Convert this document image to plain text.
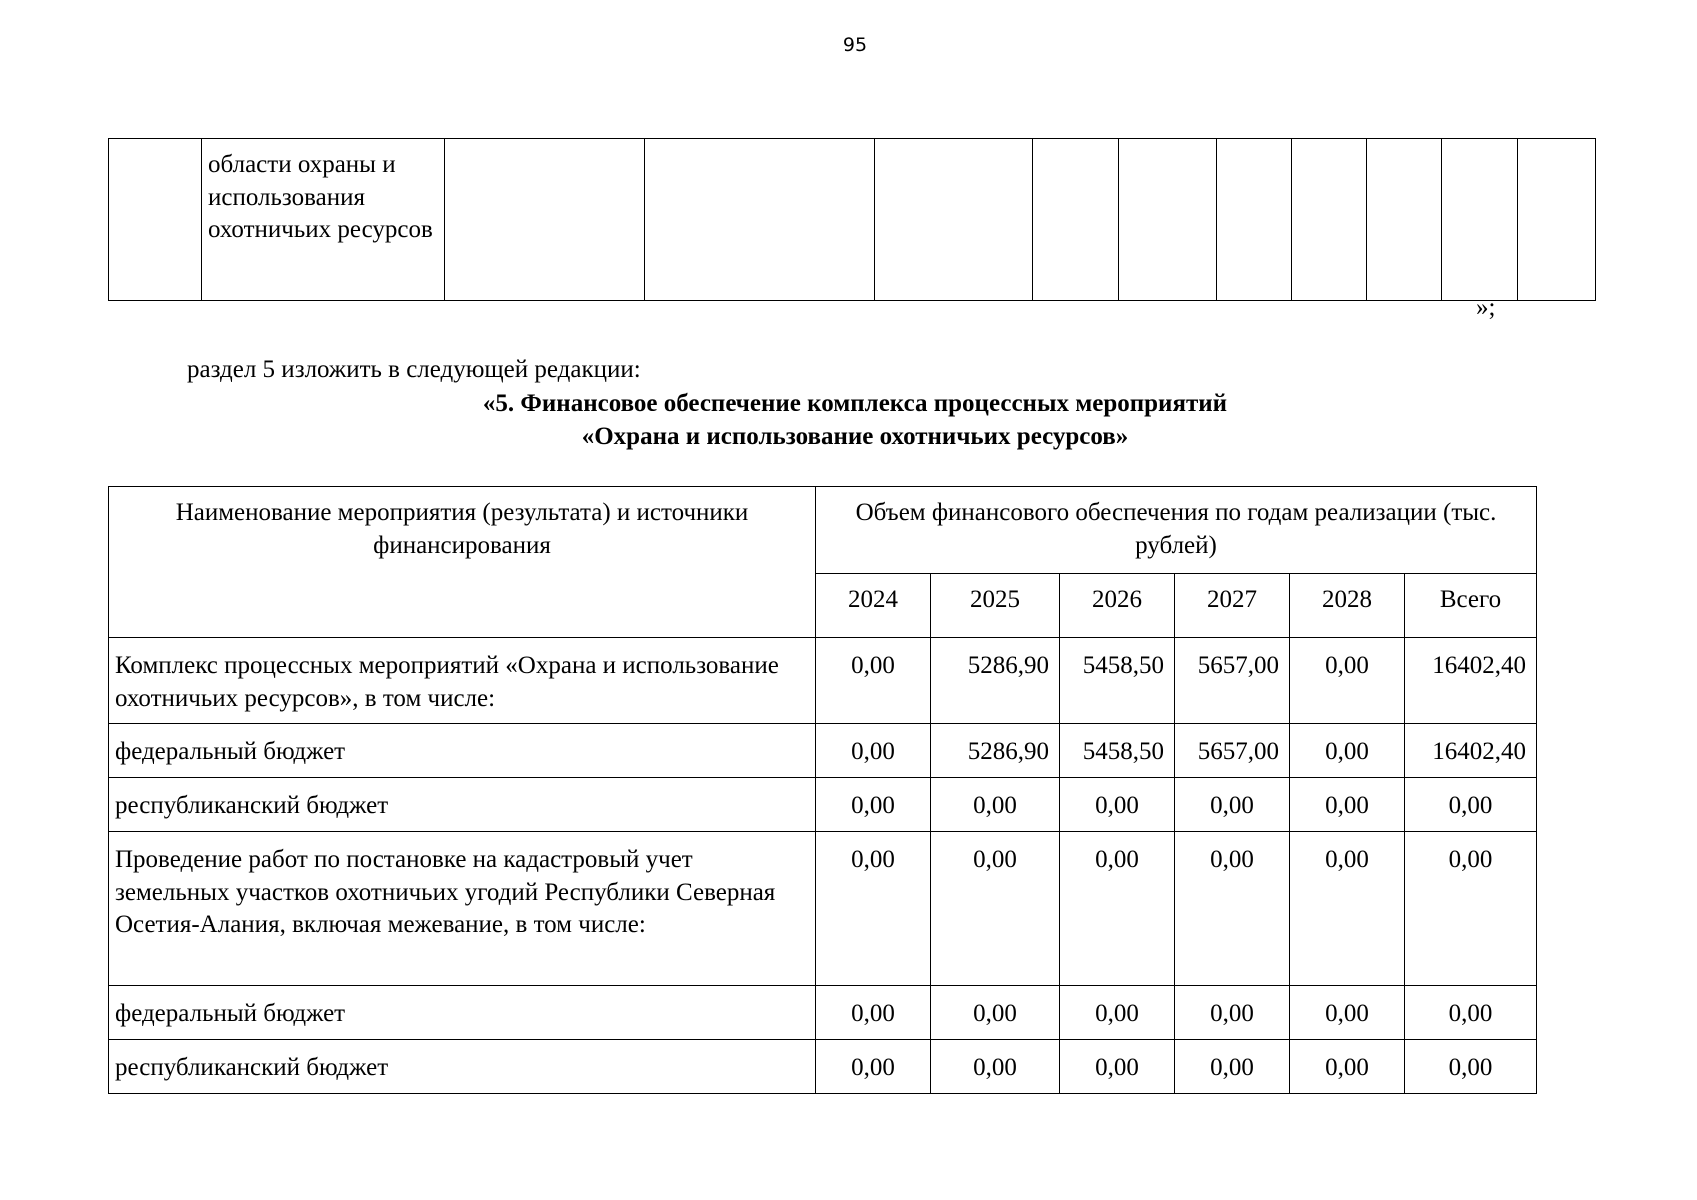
95
	области охраны и использования охотничьих ресурсов										
»;
раздел 5 изложить в следующей редакции:
«5. Финансовое обеспечение комплекса процессных мероприятий
«Охрана и использование охотничьих ресурсов»
Наименование мероприятия (результата) и источники финансирования	Объем финансового обеспечения по годам реализации (тыс. рублей)					
	2024	2025	2026	2027	2028	Всего
Комплекс процессных мероприятий «Охрана и использование охотничьих ресурсов», в том числе:	0,00	5286,90	5458,50	5657,00	0,00	16402,40
федеральный бюджет	0,00	5286,90	5458,50	5657,00	0,00	16402,40
республиканский бюджет	0,00	0,00	0,00	0,00	0,00	0,00
Проведение работ по постановке на кадастровый учет земельных участков охотничьих угодий Республики Северная Осетия-Алания, включая межевание, в том числе:	0,00	0,00	0,00	0,00	0,00	0,00
федеральный бюджет	0,00	0,00	0,00	0,00	0,00	0,00
республиканский бюджет	0,00	0,00	0,00	0,00	0,00	0,00
